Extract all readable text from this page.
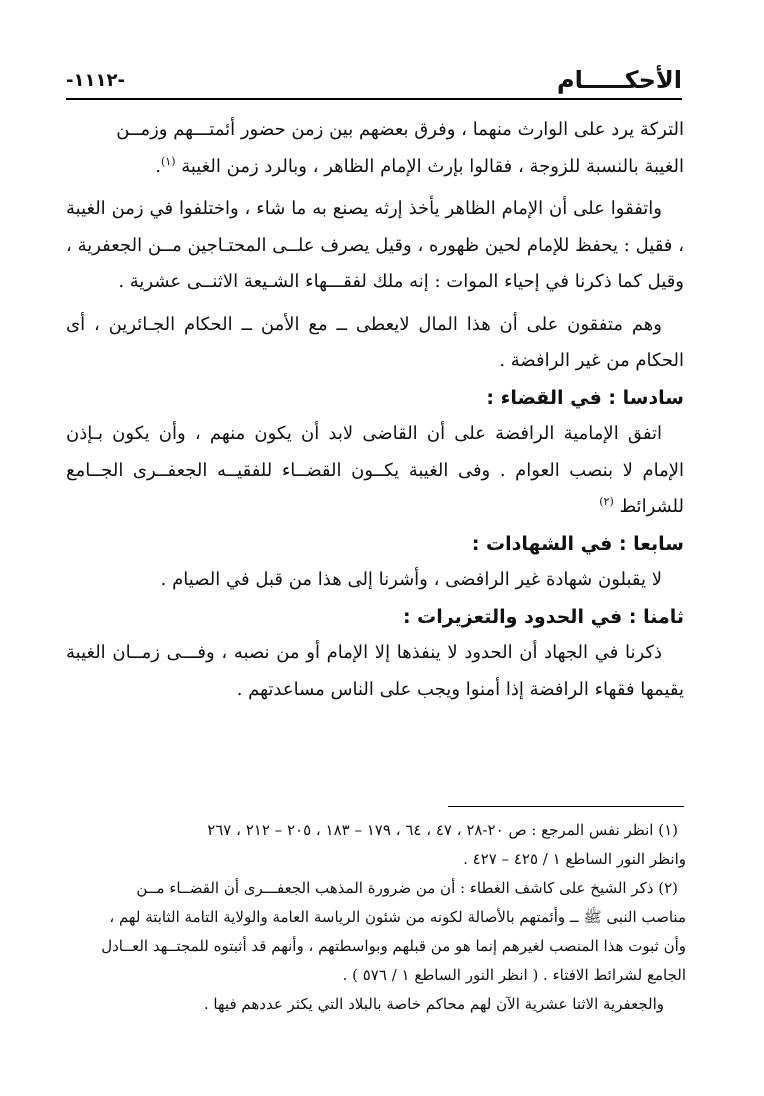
الأحكـــــام
-١١١٢-

التركة يرد على الوارث منهما ، وفرق بعضهم بين زمن حضور أئمتـــهم وزمــن

الغيبة بالنسبة للزوجة ، فقالوا بإرث الإمام الظاهر ، وبالرد زمن الغيبة $^{(١)}$.

واتفقوا على أن الإمام الظاهر يأخذ إرثه يصنع به ما شاء ، واختلفوا في زمن الغيبة ، فقيل : يحفظ للإمام لحين ظهوره ، وقيل يصرف علــى المحتـاجين مــن الجعفرية ، وقيل كما ذكرنا في إحياء الموات : إنه ملك لفقـــهاء الشـيعة الاثنــى عشرية .

وهم متفقون على أن هذا المال لايعطى ــ مع الأمن ــ الحكام الجـائرين ، أى الحكام من غير الرافضة .

سادسا : في القضاء :

اتفق الإمامية الرافضة على أن القاضى لابد أن يكون منهم ، وأن يكون بـإذن الإمام لا بنصب العوام . وفى الغيبة يكــون القضــاء للفقيــه الجعفــرى الجــامع للشرائط $^{(٢)}$

سابعا : في الشهادات :

لا يقبلون شهادة غير الرافضى ، وأشرنا إلى هذا من قبل في الصيام .

ثامنا : في الحدود والتعزيرات :

ذكرنا في الجهاد أن الحدود لا ينفذها إلا الإمام أو من نصبه ، وفـــى زمــان الغيبة يقيمها فقهاء الرافضة إذا أمنوا ويجب على الناس مساعدتهم .

(١) انظر نفس المرجع : ص ٢٠-٢٨ ، ٤٧ ، ٦٤ ، ١٧٩ – ١٨٣ ، ٢٠٥ – ٢١٢ ، ٢٦٧

وانظر النور الساطع ١ / ٤٢٥ – ٤٢٧ .

(٢) ذكر الشيخ على كاشف الغطاء : أن من ضرورة المذهب الجعفـــرى أن القضــاء مــن

مناصب النبى ﷺ ــ وأئمتهم بالأصالة لكونه من شئون الرياسة العامة والولاية التامة الثابتة لهم ،

وأن ثبوت هذا المنصب لغيرهم إنما هو من قبلهم وبواسطتهم ، وأنهم قد أثبتوه للمجتــهد العــادل

الجامع لشرائط الافتاء . ( انظر النور الساطع ١ / ٥٧٦ ) .

والجعفرية الاثنا عشرية الآن لهم محاكم خاصة بالبلاد التي يكثر عددهم فيها .
